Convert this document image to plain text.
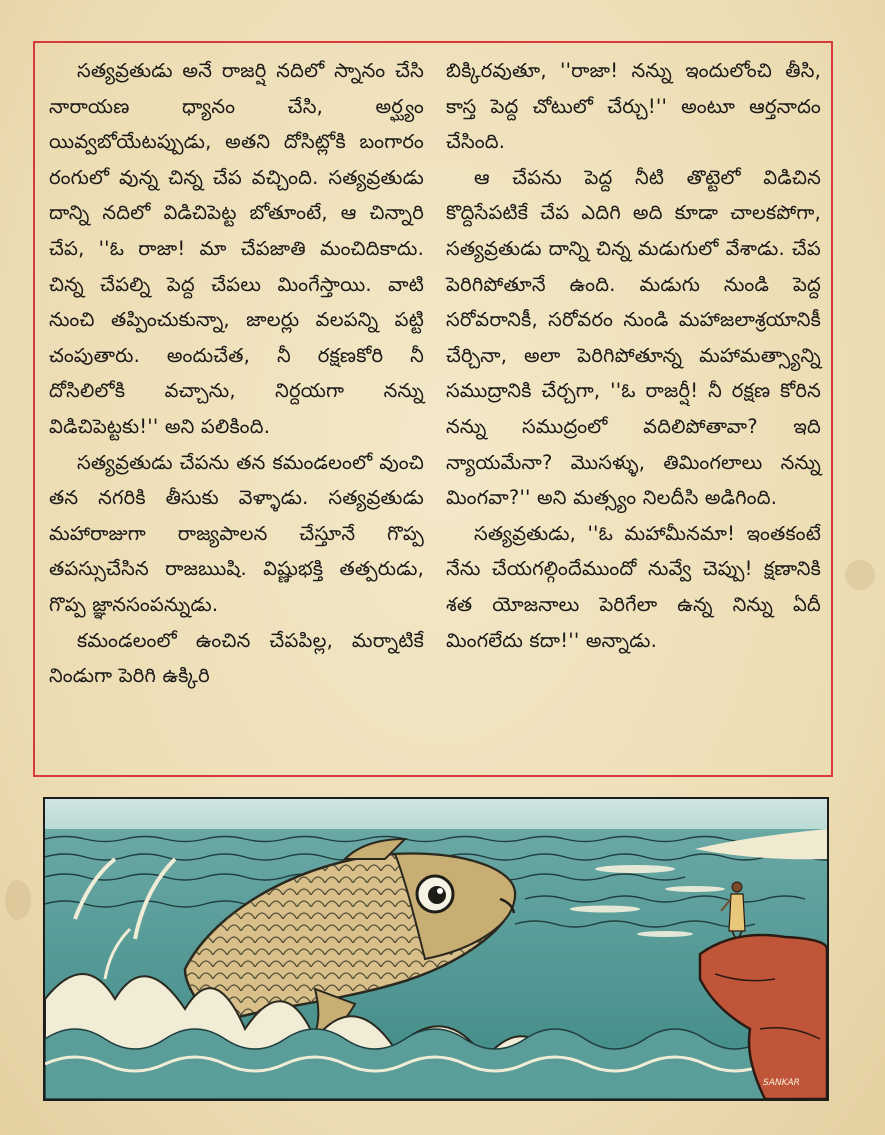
సత్యవ్రతుడు అనే రాజర్షి నదిలో స్నానం చేసి నారాయణ ధ్యానం చేసి, అర్ఘ్యం యివ్వబోయేటప్పుడు, అతని దోసిట్లోకి బంగారం రంగులో వున్న చిన్న చేప వచ్చింది. సత్యవ్రతుడు దాన్ని నదిలో విడిచిపెట్ట బోతూంటే, ఆ చిన్నారి చేప, ''ఓ రాజా! మా చేపజాతి మంచిదికాదు. చిన్న చేపల్ని పెద్ద చేపలు మింగేస్తాయి. వాటి నుంచి తప్పించుకున్నా, జాలర్లు వలపన్ని పట్టి చంపుతారు. అందుచేత, నీ రక్షణకోరి నీ దోసిలిలోకి వచ్చాను, నిర్దయగా నన్ను విడిచిపెట్టకు!'' అని పలికింది.

సత్యవ్రతుడు చేపను తన కమండలంలో వుంచి తన నగరికి తీసుకు వెళ్ళాడు. సత్యవ్రతుడు మహారాజుగా రాజ్యపాలన చేస్తూనే గొప్ప తపస్సుచేసిన రాజఋషి. విష్ణుభక్తి తత్పరుడు, గొప్ప జ్ఞానసంపన్నుడు.

కమండలంలో ఉంచిన చేపపిల్ల, మర్నాటికే నిండుగా పెరిగి ఉక్కిరి

బిక్కిరవుతూ, ''రాజా! నన్ను ఇందులోంచి తీసి, కాస్త పెద్ద చోటులో చేర్చు!'' అంటూ ఆర్తనాదం చేసింది.

ఆ చేపను పెద్ద నీటి తొట్టెలో విడిచిన కొద్దిసేపటికే చేప ఎదిగి అది కూడా చాలకపోగా, సత్యవ్రతుడు దాన్ని చిన్న మడుగులో వేశాడు. చేప పెరిగిపోతూనే ఉంది. మడుగు నుండి పెద్ద సరోవరానికీ, సరోవరం నుండి మహాజలాశ్రయానికీ చేర్చినా, అలా పెరిగిపోతూన్న మహామత్స్యాన్ని సముద్రానికి చేర్చగా, ''ఓ రాజర్షీ! నీ రక్షణ కోరిన నన్ను సముద్రంలో వదిలిపోతావా? ఇది న్యాయమేనా? మొసళ్ళు, తిమింగలాలు నన్ను మింగవా?'' అని మత్స్యం నిలదీసి అడిగింది.

సత్యవ్రతుడు, ''ఓ మహామీనమా! ఇంతకంటే నేను చేయగల్గిందేముందో నువ్వే చెప్పు! క్షణానికి శత యోజనాలు పెరిగేలా ఉన్న నిన్ను ఏదీ మింగలేదు కదా!'' అన్నాడు.

SANKAR
